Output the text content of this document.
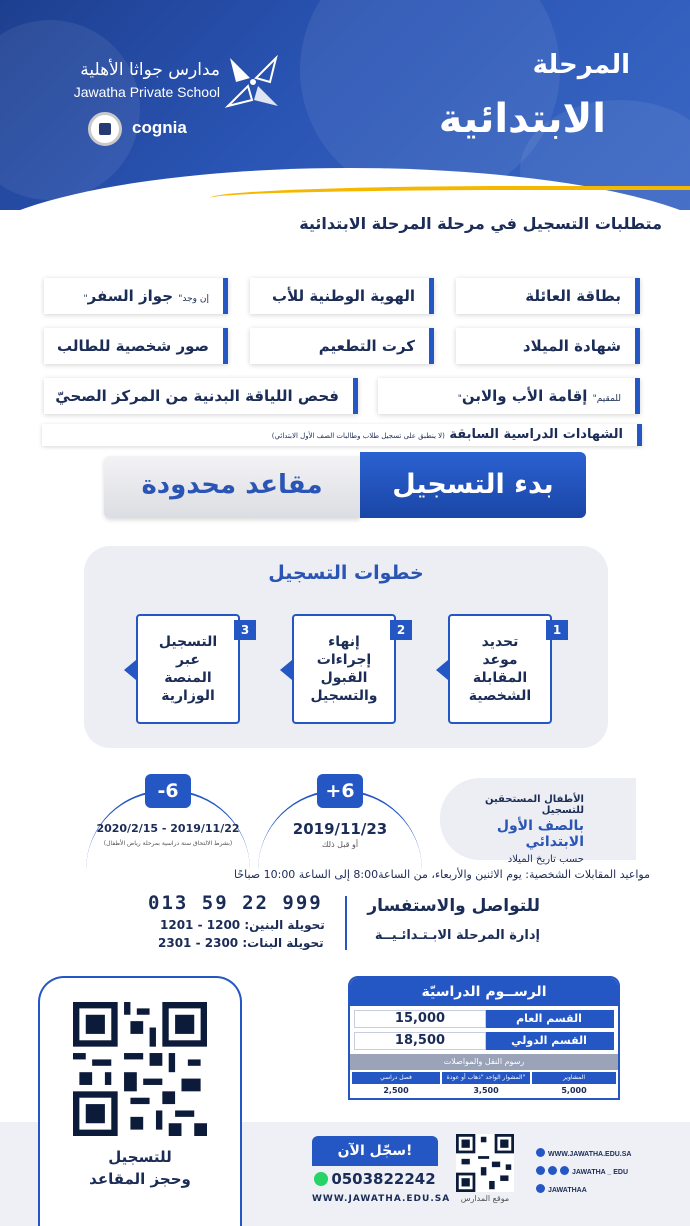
المرحلة
الابتدائية
مدارس جواثا الأهلية
Jawatha Private School
cognia
متطلبات التسجيل في مرحلة المرحلة الابتدائية
بطاقة العائلة
الهوية الوطنية للأب
"إن وجد" جواز السفر
شهادة الميلاد
كرت التطعيم
صور شخصية للطالب
"للمقيم" إقامة الأب والابن
فحص اللياقة البدنية من المركز الصحيّ
(لا ينطبق على تسجيل طلاب وطالبات الصف الأول الابتدائي) الشهادات الدراسية السابقة
مقاعد محدودة	بدء التسجيل
خطوات التسجيل
تحديد موعد المقابلة الشخصية
1
إنهاء إجراءات القبول والتسجيل
2
التسجيل عبر المنصة الوزارية
3
الأطفال المستحقين للتسجيل
بالصف الأول الابتدائي
حسب تاريخ الميلاد
+6
2019/11/23
أو قبل ذلك
-6
2020/2/15 - 2019/11/22
(بشرط الالتحاق سنة دراسية بمرحلة رياض الأطفال)
مواعيد المقابلات الشخصية: يوم الاثنين والأربعاء، من الساعة8:00 إلى الساعة 10:00 صباحًا
للتواصل والاستفسار
إدارة المرحلة الابـتـدائـيــة
013 59 22 999
تحويلة البنين: 1200 - 1201
تحويلة البنات: 2300 - 2301
الرســوم الدراسيّة
القسم العام
15,000
القسم الدولي
18,500
رسوم النقل والمواصلات
المشاوير
المشوار الواحد "ذهاب أو عودة"
فصل دراسي
5,000
3,500
2,500
للتسجيل
وحجز المقاعد
سجّل الآن!
0503822242
WWW.JAWATHA.EDU.SA	موقع المدارس
WWW.JAWATHA.EDU.SA
JAWATHA _ EDU
JAWATHAA
